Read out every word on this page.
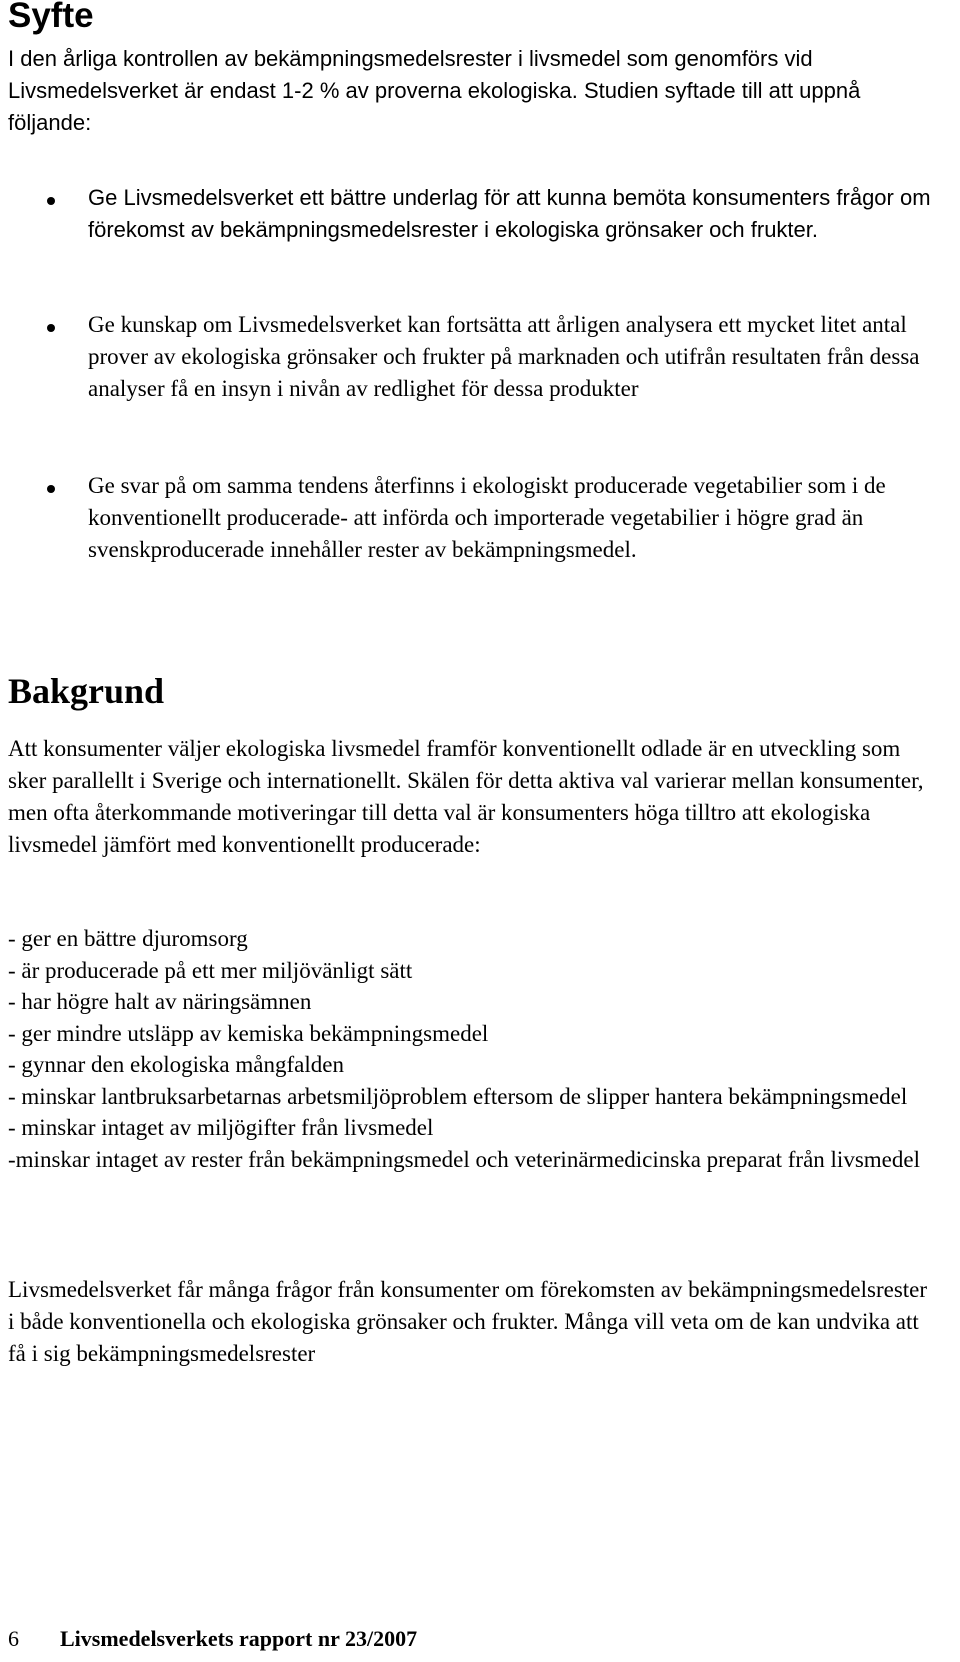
Syfte

I den årliga kontrollen av bekämpningsmedelsrester i livsmedel som genomförs vid Livsmedelsverket är endast 1-2 % av proverna ekologiska. Studien syftade till att uppnå följande:

Ge Livsmedelsverket ett bättre underlag för att kunna bemöta konsumenters frågor om förekomst av bekämpningsmedelsrester i ekologiska grönsaker och frukter.
Ge kunskap om Livsmedelsverket kan fortsätta att årligen analysera ett mycket litet antal prover av ekologiska grönsaker och frukter på marknaden och utifrån resultaten från dessa analyser få en insyn i nivån av redlighet för dessa produkter
Ge svar på om samma tendens återfinns i ekologiskt producerade vegetabilier som i de konventionellt producerade- att införda och importerade vegetabilier i högre grad än svenskproducerade innehåller rester av bekämpningsmedel.
Bakgrund

Att konsumenter väljer ekologiska livsmedel framför konventionellt odlade är en utveckling som sker parallellt i Sverige och internationellt. Skälen för detta aktiva val varierar mellan konsumenter, men ofta återkommande motiveringar till detta val är konsumenters höga tilltro att ekologiska livsmedel jämfört med konventionellt producerade:

- ger en bättre djuromsorg
- är producerade på ett mer miljövänligt sätt
- har högre halt av näringsämnen
- ger mindre utsläpp av kemiska bekämpningsmedel
- gynnar den ekologiska mångfalden
- minskar lantbruksarbetarnas arbetsmiljöproblem eftersom de slipper hantera bekämpningsmedel
- minskar intaget av miljögifter från livsmedel
-minskar intaget av rester från bekämpningsmedel och veterinärmedicinska preparat från livsmedel

Livsmedelsverket får många frågor från konsumenter om förekomsten av bekämpningsmedelsrester i både konventionella och ekologiska grönsaker och frukter. Många vill veta om de kan undvika att få i sig bekämpningsmedelsrester

6 Livsmedelsverkets rapport nr 23/2007
